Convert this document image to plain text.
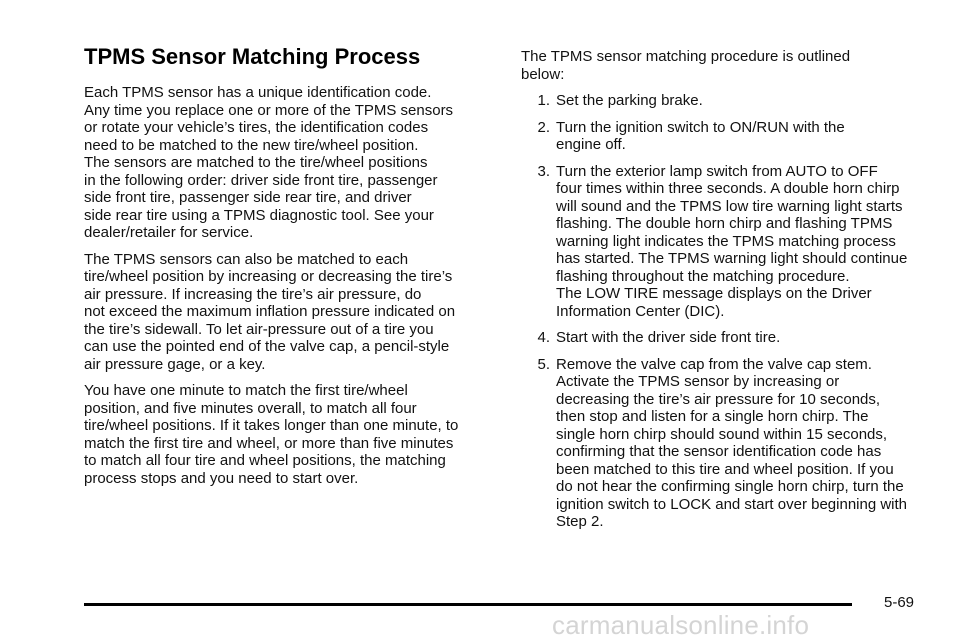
TPMS Sensor Matching Process

Each TPMS sensor has a unique identification code.
Any time you replace one or more of the TPMS sensors
or rotate your vehicle’s tires, the identification codes
need to be matched to the new tire/wheel position.
The sensors are matched to the tire/wheel positions
in the following order: driver side front tire, passenger
side front tire, passenger side rear tire, and driver
side rear tire using a TPMS diagnostic tool. See your
dealer/retailer for service.

The TPMS sensors can also be matched to each
tire/wheel position by increasing or decreasing the tire’s
air pressure. If increasing the tire’s air pressure, do
not exceed the maximum inflation pressure indicated on
the tire’s sidewall. To let air-pressure out of a tire you
can use the pointed end of the valve cap, a pencil-style
air pressure gage, or a key.

You have one minute to match the first tire/wheel
position, and five minutes overall, to match all four
tire/wheel positions. If it takes longer than one minute, to
match the first tire and wheel, or more than five minutes
to match all four tire and wheel positions, the matching
process stops and you need to start over.

The TPMS sensor matching procedure is outlined
below:

1. Set the parking brake.
2. Turn the ignition switch to ON/RUN with the
engine off.
3. Turn the exterior lamp switch from AUTO to OFF
four times within three seconds. A double horn chirp
will sound and the TPMS low tire warning light starts
flashing. The double horn chirp and flashing TPMS
warning light indicates the TPMS matching process
has started. The TPMS warning light should continue
flashing throughout the matching procedure.
The LOW TIRE message displays on the Driver
Information Center (DIC).
4. Start with the driver side front tire.
5. Remove the valve cap from the valve cap stem.
Activate the TPMS sensor by increasing or
decreasing the tire’s air pressure for 10 seconds,
then stop and listen for a single horn chirp. The
single horn chirp should sound within 15 seconds,
confirming that the sensor identification code has
been matched to this tire and wheel position. If you
do not hear the confirming single horn chirp, turn the
ignition switch to LOCK and start over beginning with
Step 2.
5-69
carmanualsonline.info
